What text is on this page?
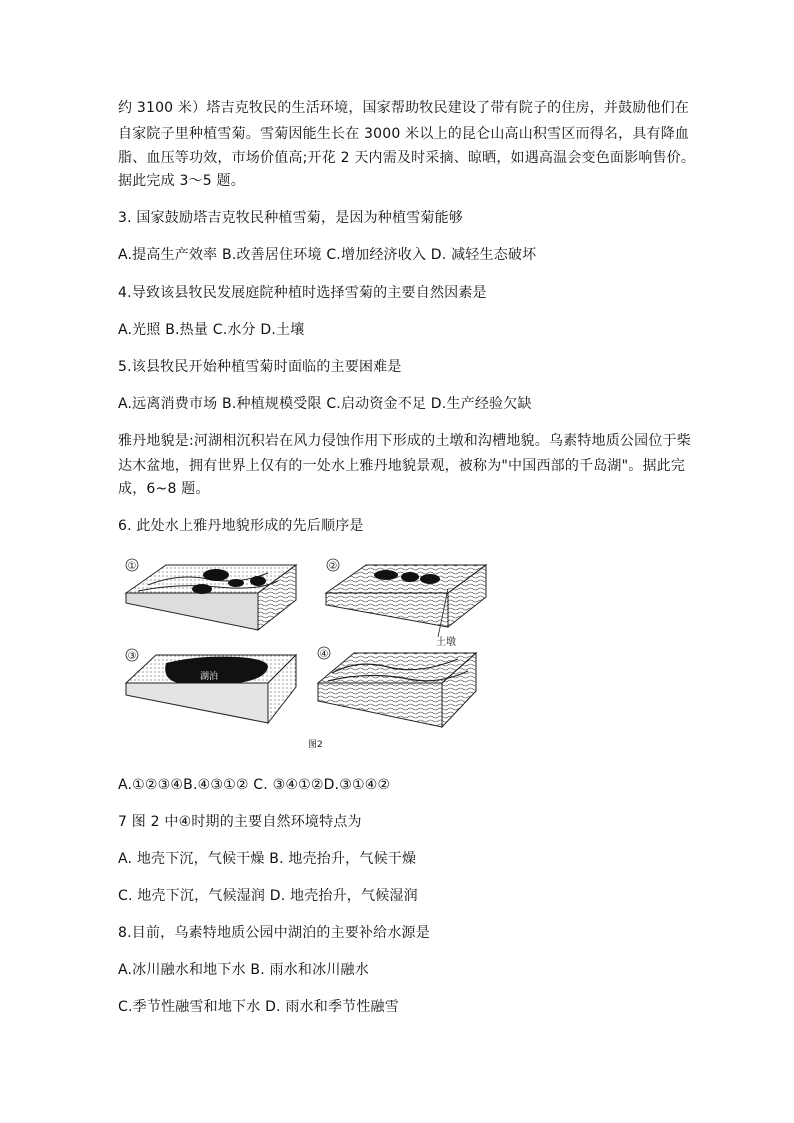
约 3100 米）塔吉克牧民的生活环境，国家帮助牧民建设了带有院子的住房，并鼓励他们在
自家院子里种植雪菊。雪菊因能生长在 3000 米以上的昆仑山高山积雪区而得名，具有降血
脂、血压等功效，市场价值高;开花 2 天内需及时采摘、晾晒，如遇高温会变色面影响售价。
据此完成 3～5 题。
3. 国家鼓励塔吉克牧民种植雪菊，是因为种植雪菊能够
A.提高生产效率 B.改善居住环境 C.增加经济收入 D. 减轻生态破坏
4.导致该县牧民发展庭院种植时选择雪菊的主要自然因素是
A.光照 B.热量 C.水分 D.土壤
5.该县牧民开始种植雪菊时面临的主要困难是
A.远离消费市场 B.种植规模受限 C.启动资金不足 D.生产经验欠缺
雅丹地貌是:河湖相沉积岩在风力侵蚀作用下形成的土墩和沟槽地貌。乌素特地质公园位于柴
达木盆地，拥有世界上仅有的一处水上雅丹地貌景观，被称为"中国西部的千岛湖"。据此完
成，6~8 题。
6. 此处水上雅丹地貌形成的先后顺序是
①	②
土墩
湖泊
③	④
图2
A.①②③④B.④③①② C. ③④①②D.③①④②
7 图 2 中④时期的主要自然环境特点为
A. 地壳下沉，气候干燥 B. 地壳抬升，气候干燥
C. 地壳下沉，气候湿润 D. 地壳抬升，气候湿润
8.目前，乌素特地质公园中湖泊的主要补给水源是
A.冰川融水和地下水 B. 雨水和冰川融水
C.季节性融雪和地下水 D. 雨水和季节性融雪
